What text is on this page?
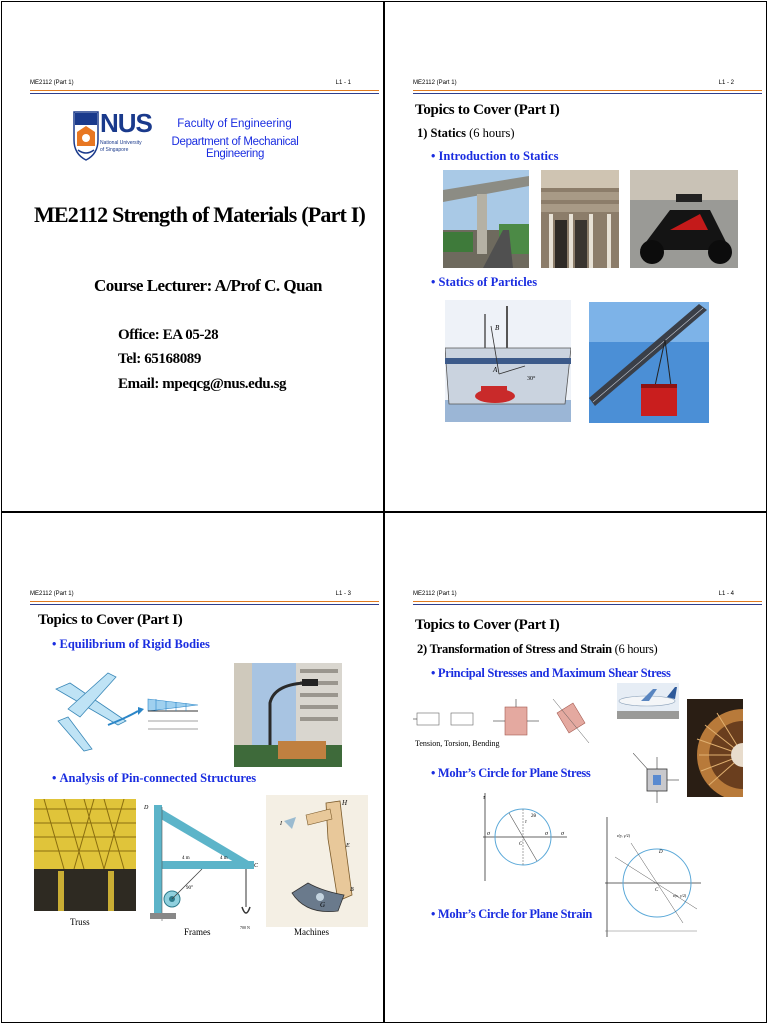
ME2112 (Part 1)	L1 - 1
NUS
National University
of Singapore
Faculty of Engineering
Department of Mechanical Engineering
ME2112 Strength of Materials (Part I)
Course Lecturer: A/Prof C. Quan
Office: EA 05-28
Tel: 65168089
Email: mpeqcg@nus.edu.sg
ME2112 (Part 1)	L1 - 2
Topics to Cover (Part I)
1) Statics (6 hours)
• Introduction to Statics
• Statics of Particles
B
A
30°
ME2112 (Part 1)	L1 - 3
Topics to Cover (Part I)
• Equilibrium of Rigid Bodies
• Analysis of Pin-connected Structures
Truss
D
C
4 m	4 m
90°
700 N
Frames
H
E
B
G
I
Machines
ME2112 (Part 1)	L1 - 4
Topics to Cover (Part I)
2) Transformation of Stress and Strain (6 hours)
• Principal Stresses and Maximum Shear Stress
Tension, Torsion, Bending
• Mohr’s Circle for Plane Stress
τ
σ
σ	σ
τ
2θ
C
ε(y, γ/2)
D
C
ε(x, γ/2)
• Mohr’s Circle for Plane Strain
